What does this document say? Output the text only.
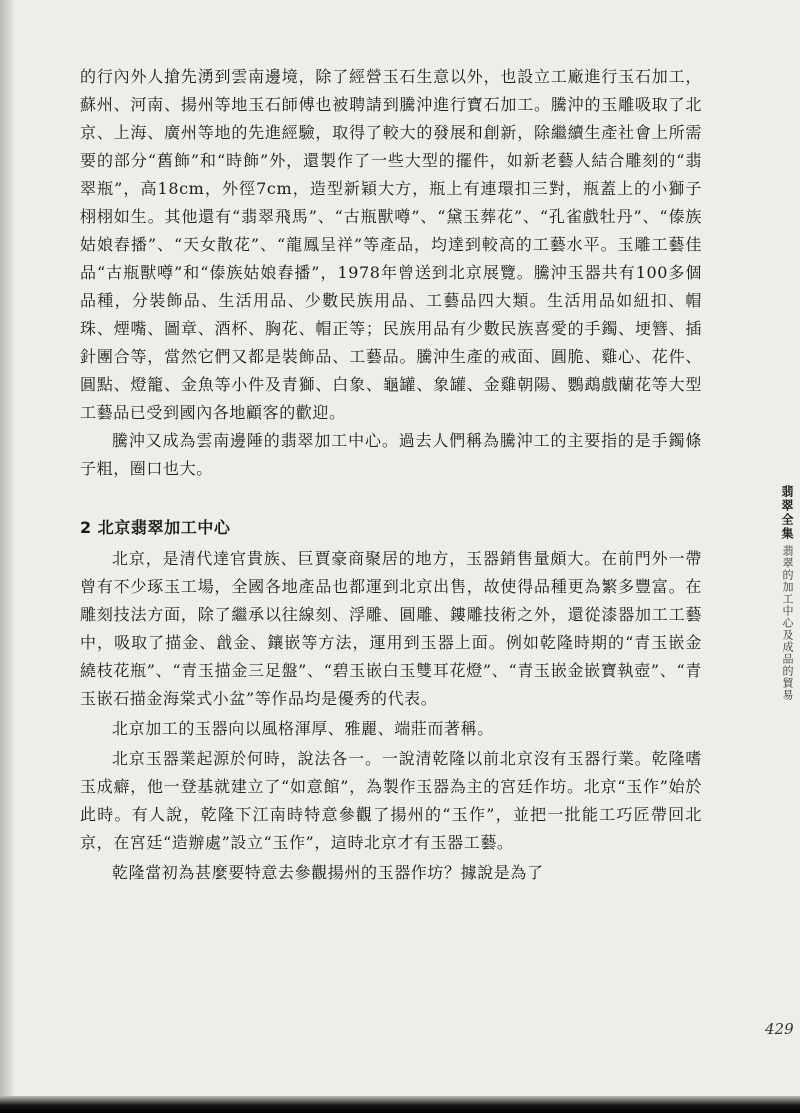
的行內外人搶先湧到雲南邊境，除了經營玉石生意以外，也設立工廠進行玉石加工，蘇州、河南、揚州等地玉石師傅也被聘請到騰沖進行寶石加工。騰沖的玉雕吸取了北京、上海、廣州等地的先進經驗，取得了較大的發展和創新，除繼續生產社會上所需要的部分“舊飾”和“時飾”外，還製作了一些大型的擺件，如新老藝人結合雕刻的“翡翠瓶”，高18cm，外徑7cm，造型新穎大方，瓶上有連環扣三對，瓶蓋上的小獅子栩栩如生。其他還有“翡翠飛馬”、“古瓶獸噂”、“黛玉葬花”、“孔雀戲牡丹”、“傣族姑娘舂播”、“天女散花”、“龍鳳呈祥”等產品，均達到較高的工藝水平。玉雕工藝佳品“古瓶獸噂”和“傣族姑娘舂播”，1978年曾送到北京展覽。騰沖玉器共有100多個品種，分裝飾品、生活用品、少數民族用品、工藝品四大類。生活用品如紐扣、帽珠、煙嘴、圖章、酒杯、胸花、帽正等；民族用品有少數民族喜愛的手鐲、埂簪、插針團合等，當然它們又都是裝飾品、工藝品。騰沖生產的戒面、圓脆、雞心、花件、圓點、燈籠、金魚等小件及青獅、白象、龜罐、象罐、金雞朝陽、鸚鵡戲蘭花等大型工藝品已受到國內各地顧客的歡迎。

騰沖又成為雲南邊陲的翡翠加工中心。過去人們稱為騰沖工的主要指的是手鐲條子粗，圈口也大。

2 北京翡翠加工中心

北京，是清代達官貴族、巨賈豪商聚居的地方，玉器銷售量頗大。在前門外一帶曾有不少琢玉工場，全國各地產品也都運到北京出售，故使得品種更為繁多豐富。在雕刻技法方面，除了繼承以往線刻、浮雕、圓雕、鏤雕技術之外，還從漆器加工工藝中，吸取了描金、戧金、鑲嵌等方法，運用到玉器上面。例如乾隆時期的“青玉嵌金繞枝花瓶”、“青玉描金三足盤”、“碧玉嵌白玉雙耳花燈”、“青玉嵌金嵌寶執壺”、“青玉嵌石描金海棠式小盆”等作品均是優秀的代表。

北京加工的玉器向以風格渾厚、雅麗、端莊而著稱。

北京玉器業起源於何時，說法各一。一說清乾隆以前北京沒有玉器行業。乾隆嗜玉成癖，他一登基就建立了“如意館”，為製作玉器為主的宮廷作坊。北京“玉作”始於此時。有人說，乾隆下江南時特意參觀了揚州的“玉作”，並把一批能工巧匠帶回北京，在宮廷“造辦處”設立“玉作”，這時北京才有玉器工藝。

乾隆當初為甚麼要特意去參觀揚州的玉器作坊？據說是為了

翡翠全集
翡翠的加工中心及成品的貿易
429
